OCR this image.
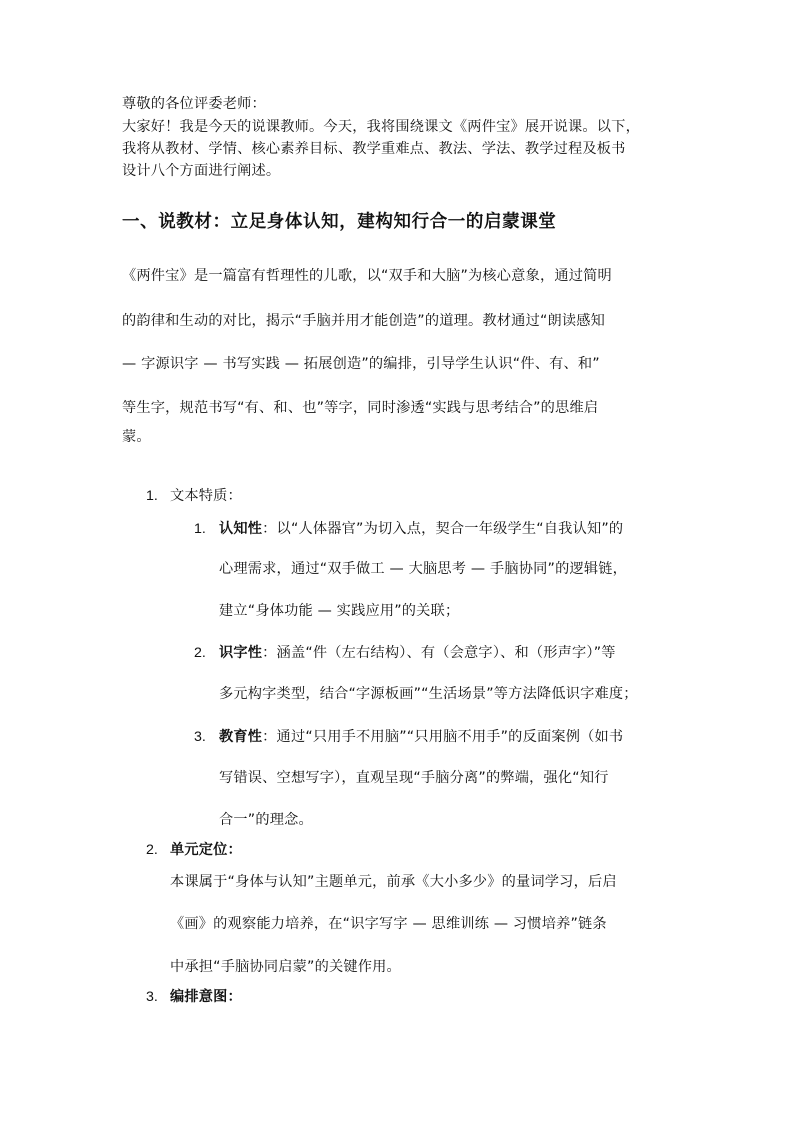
尊敬的各位评委老师：
大家好！我是今天的说课教师。今天，我将围绕课文《两件宝》展开说课。以下，
我将从教材、学情、核心素养目标、教学重难点、教法、学法、教学过程及板书
设计八个方面进行阐述。
一、说教材：立足身体认知，建构知行合一的启蒙课堂
《两件宝》是一篇富有哲理性的儿歌，以“双手和大脑”为核心意象，通过简明
的韵律和生动的对比，揭示“手脑并用才能创造”的道理。教材通过“朗读感知
— 字源识字 — 书写实践 — 拓展创造”的编排，引导学生认识“件、有、和”
等生字，规范书写“有、和、也”等字，同时渗透“实践与思考结合”的思维启
蒙。
1. 文本特质：
1. 认知性：以“人体器官”为切入点，契合一年级学生“自我认知”的
心理需求，通过“双手做工 — 大脑思考 — 手脑协同”的逻辑链，
建立“身体功能 — 实践应用”的关联；
2. 识字性：涵盖“件（左右结构）、有（会意字）、和（形声字）”等
多元构字类型，结合“字源板画”“生活场景”等方法降低识字难度；
3. 教育性：通过“只用手不用脑”“只用脑不用手”的反面案例（如书
写错误、空想写字），直观呈现“手脑分离”的弊端，强化“知行
合一”的理念。
2. 单元定位：
本课属于“身体与认知”主题单元，前承《大小多少》的量词学习，后启
《画》的观察能力培养，在“识字写字 — 思维训练 — 习惯培养”链条
中承担“手脑协同启蒙”的关键作用。
3. 编排意图：
